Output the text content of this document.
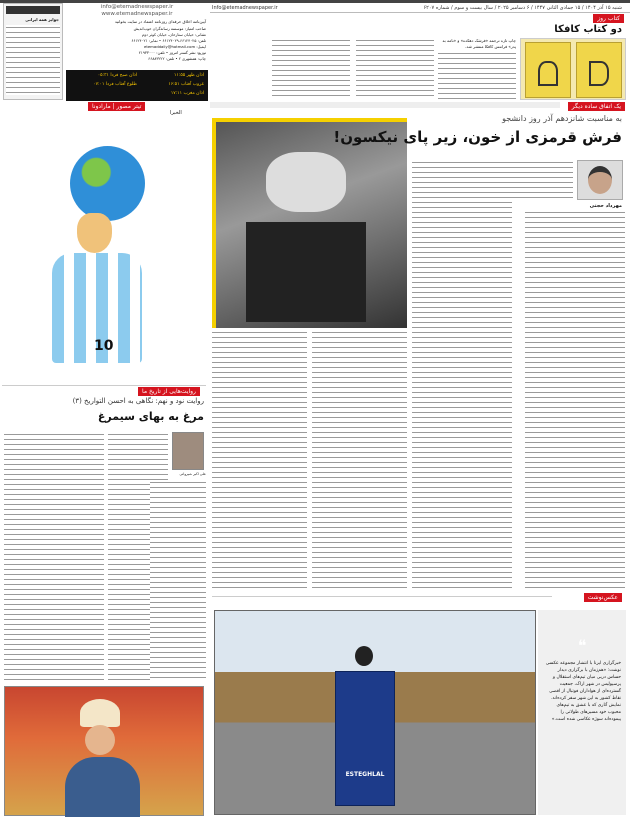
شنبه ۱۵ آذر ۱۴۰۴ / ۱۵ جمادی الثانی ۱۴۴۷ / ۶ دسامبر ۲۰۲۵ / سال بیست و سوم / شماره ۶۲۰۷
Info@etemadnewspaper.ir
کتاب روز
دو کتاب کافکا
چاپ تازه ترجمه «فرشک دهکده» و «نامه به پدر» فرانتس کافکا منتشر شد.
جوایز همه ایرانی
info@etemadnewspaper.ir
www.etemadnewspaper.ir
آیین‌نامه اخلاق حرفه‌ای روزنامه اعتماد در سایت بخوانید
صاحب امتیاز: موسسه رسانه‌گران خوب‌اندیش
نشانی: خیابان ستارخان، خیابان کوثر دوم
تلفن: ۶۶۱۲۴۰۲۵-۶۶۱۲۴۰۲۹ • نمابر: ۶۶۱۲۴۰۲۱
ایمیل: etemaddaily@hotmail.com
توزیع: نشر گستر امروز • تلفن: ۲۱۹۳۳۰۰۰
چاپ: همشهری ۲ • تلفن: ۶۶۸۸۳۲۲۲
اذان ظهر ۱۱:۵۵
اذان صبح فردا ۰۵:۳۱
غروب آفتاب ۱۶:۵۱
طلوع آفتاب فردا ۰۷:۰۱
اذان مغرب ۱۷:۱۱
تیتر مصور | مارادونا	یک اتفاق ساده دیگر
الخبرا
10
به مناسبت شانزدهم آذر روز دانشجو
فرش قرمزی از خون، زیر پای نیکسون!
مهرداد حجتی
روایت‌هایی از تاریخ ما
روایت نود و نهم: نگاهی به احسن التواریخ (۳)
مرغ به بهای سیمرغ
علی اکبر شیروانی
عکس‌نوشت
ESTEGHLAL
❝
خبرگزاری ایرنا با انتشار مجموعه عکسی نوشت: «هم‌زمان با برگزاری دیدار حساس دربی میان تیم‌های استقلال و پرسپولیس در شهر اراک، جمعیت گسترده‌ای از هواداران فوتبال از اقصی نقاط کشور به این شهر سفر کرده‌اند. نمایش آثاری که با عشق به تیم‌های محبوب خود مسیرهای طولانی را پیموده‌اند سوژه عکاسی شده است.»
